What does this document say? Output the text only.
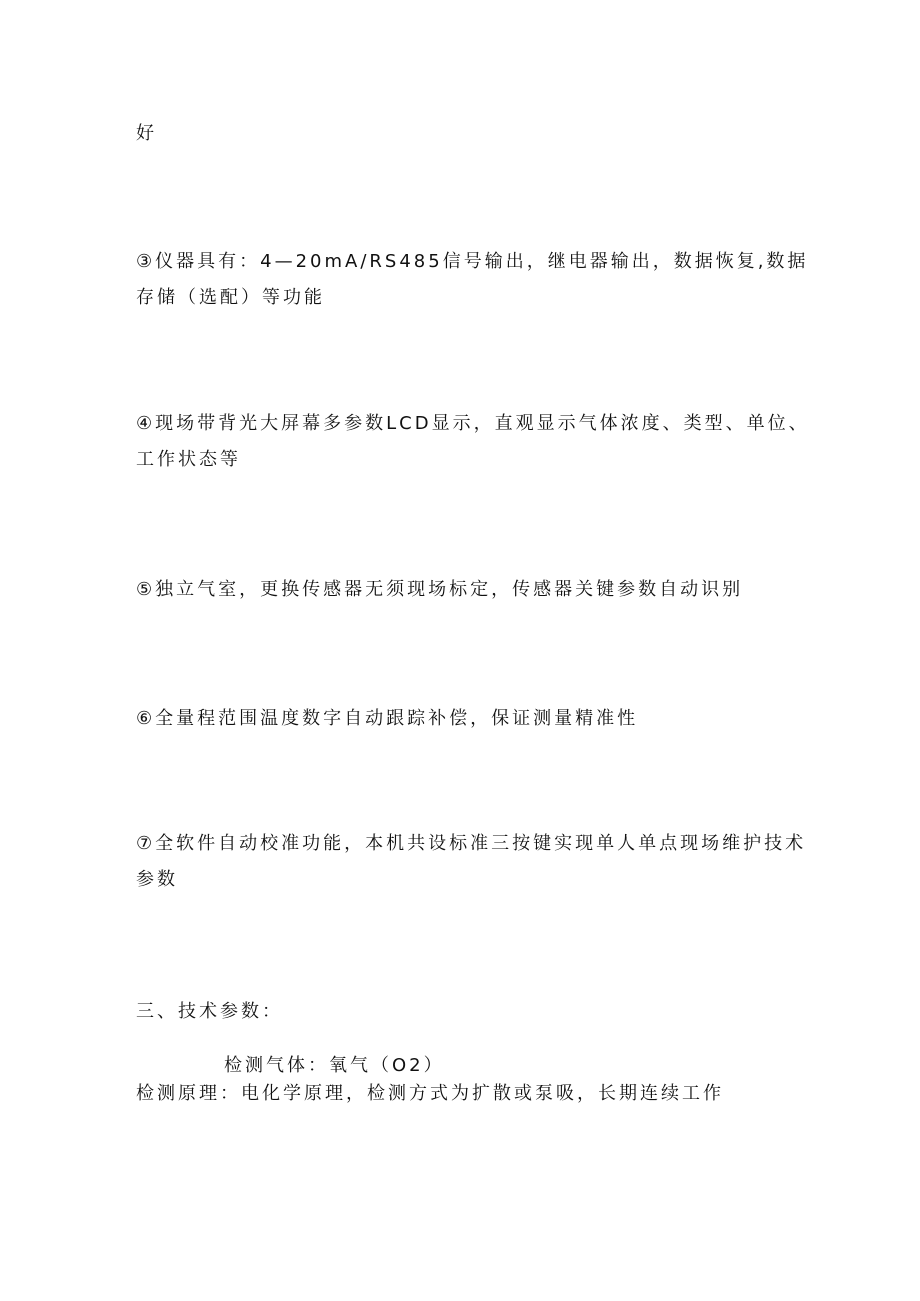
好

③仪器具有：4—20mA/RS485信号输出，继电器输出，数据恢复,数据

存储（选配）等功能

④现场带背光大屏幕多参数LCD显示，直观显示气体浓度、类型、单位、

工作状态等

⑤独立气室，更换传感器无须现场标定，传感器关键参数自动识别

⑥全量程范围温度数字自动跟踪补偿，保证测量精准性

⑦全软件自动校准功能，本机共设标准三按键实现单人单点现场维护技术

参数

三、技术参数：

检测气体：氧气（O2）

检测原理：电化学原理，检测方式为扩散或泵吸，长期连续工作
